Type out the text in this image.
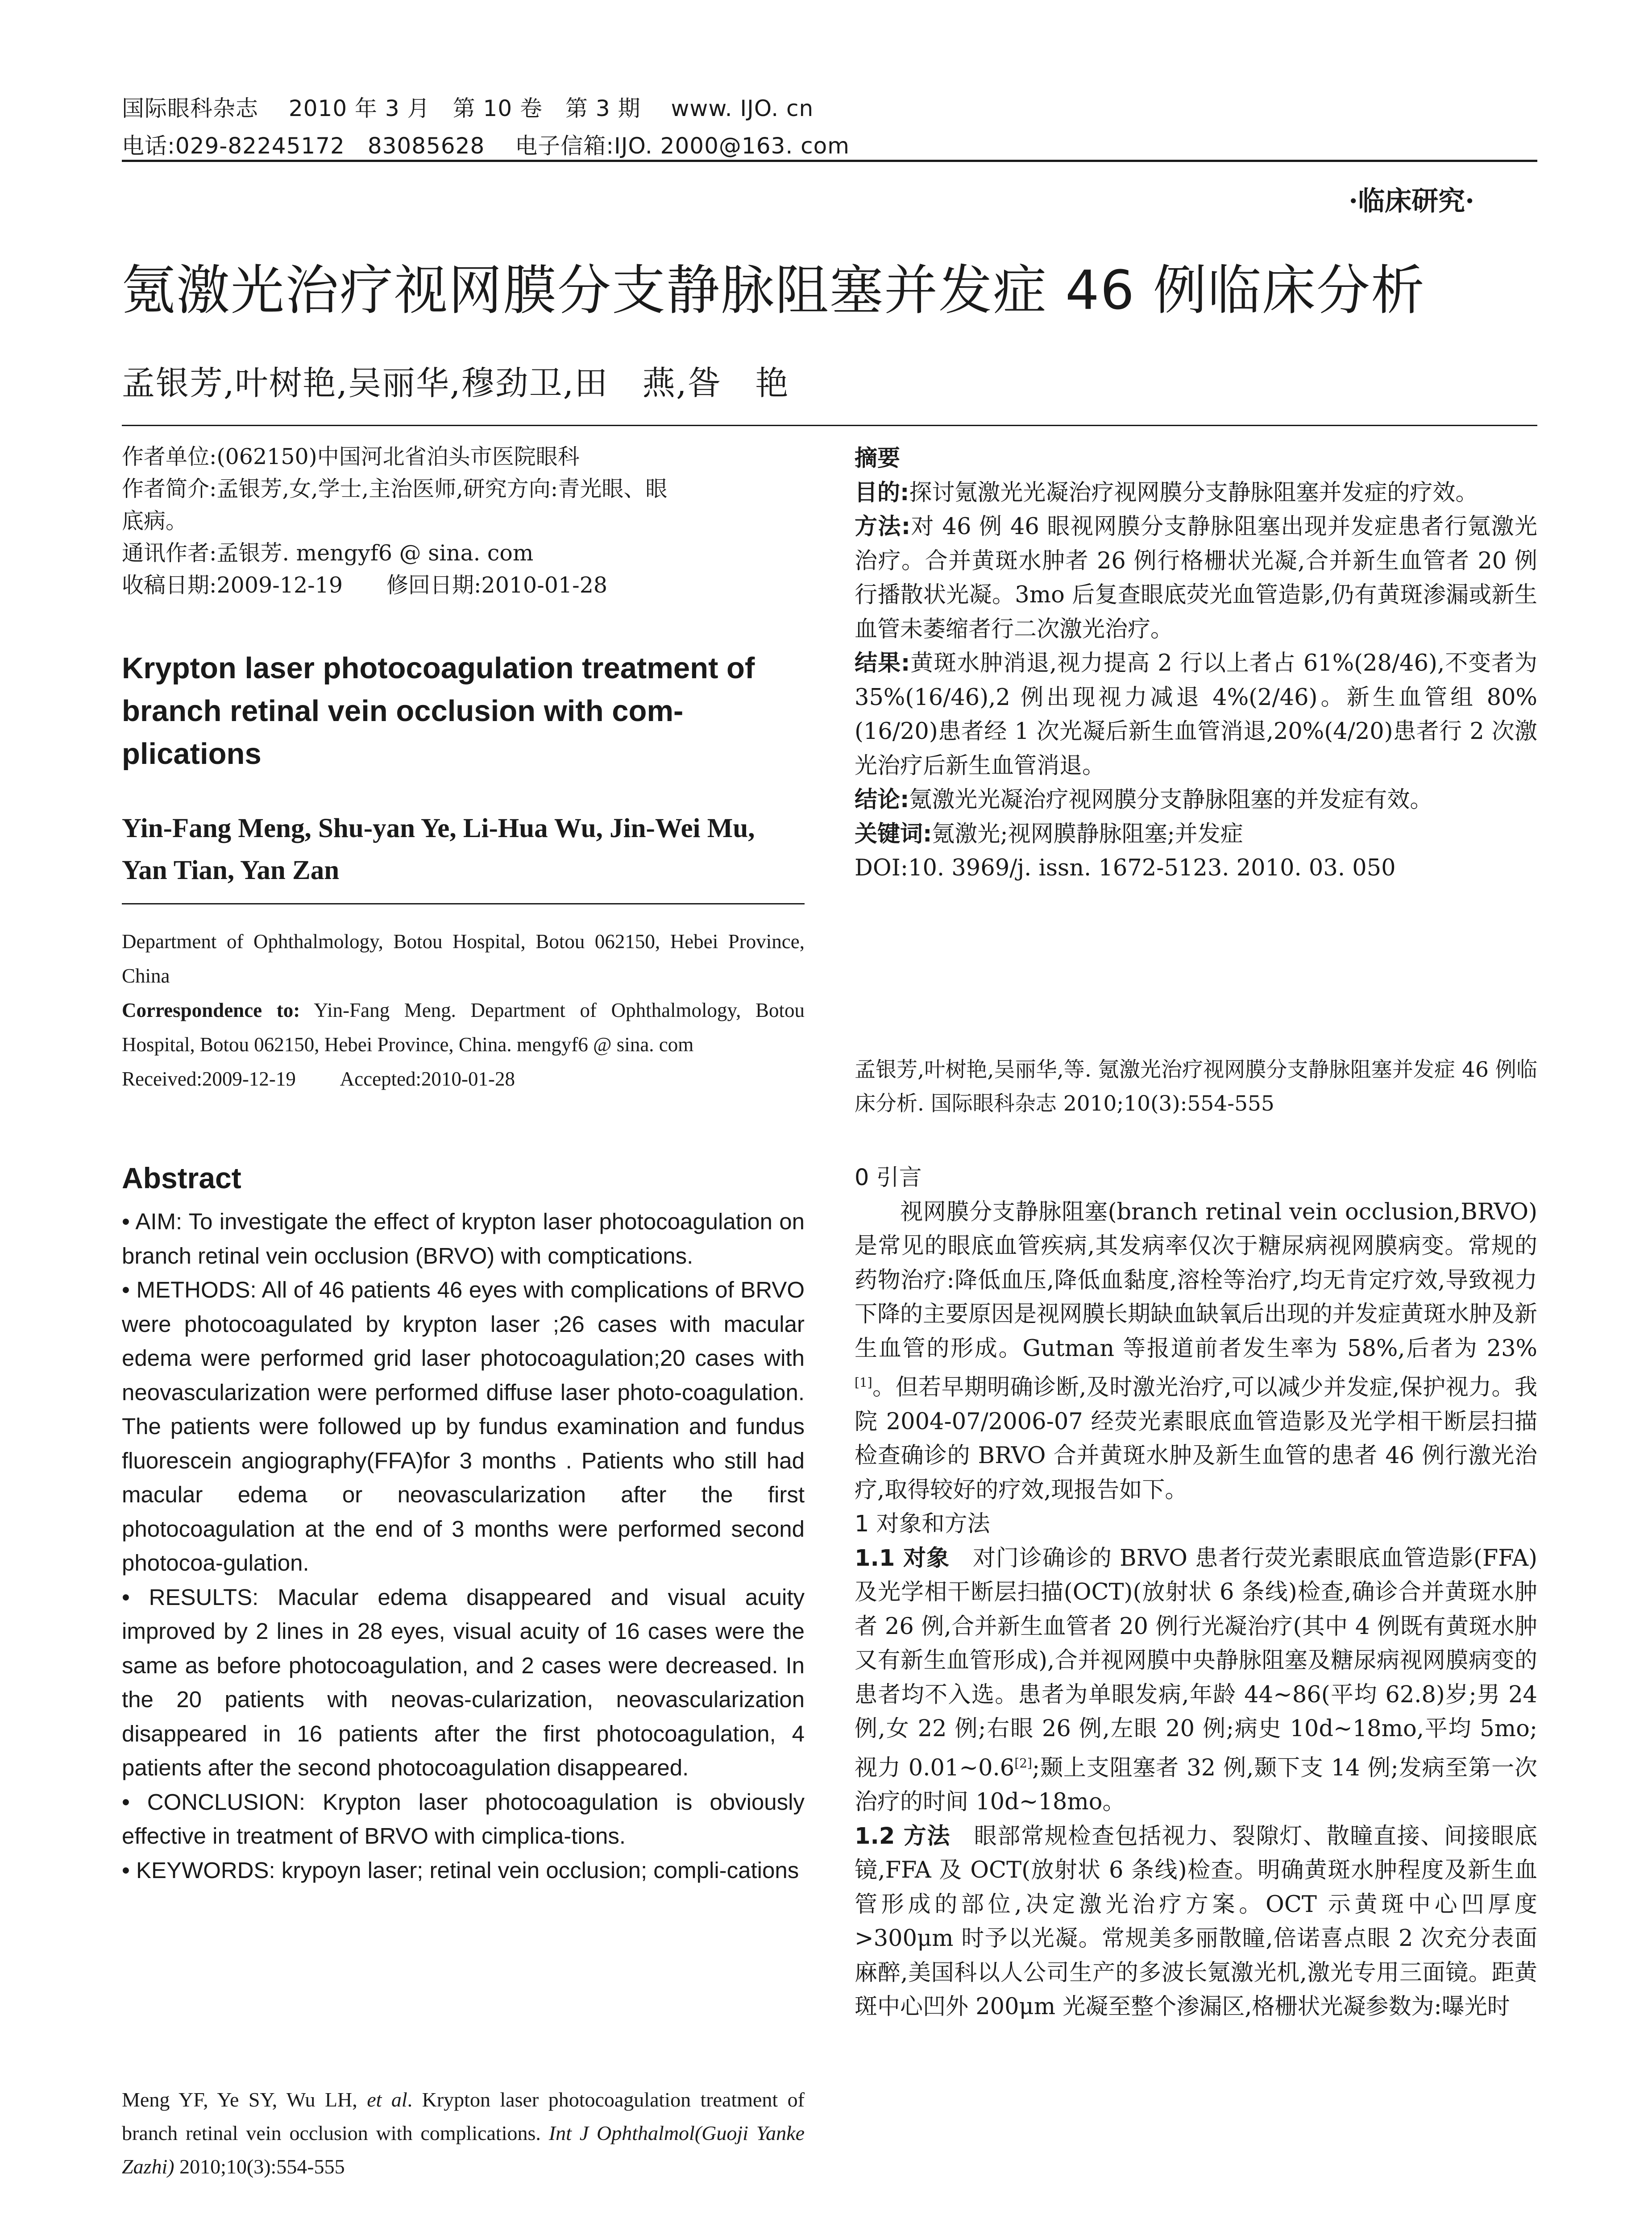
国际眼科杂志　 2010 年 3 月　第 10 卷　第 3 期　 www. IJO. cn
电话:029-82245172　83085628　 电子信箱:IJO. 2000@163. com
·临床研究·
氪激光治疗视网膜分支静脉阻塞并发症 46 例临床分析
孟银芳,叶树艳,吴丽华,穆劲卫,田　燕,昝　艳

作者单位:(062150)中国河北省泊头市医院眼科

作者简介:孟银芳,女,学士,主治医师,研究方向:青光眼、眼

底病。

通讯作者:孟银芳. mengyf6 @ sina. com

收稿日期:2009-12-19　　修回日期:2010-01-28

Krypton laser photocoagulation treatment of branch retinal vein occlusion with com-plications
Yin-Fang Meng, Shu-yan Ye, Li-Hua Wu, Jin-Wei Mu, Yan Tian, Yan Zan

Department of Ophthalmology, Botou Hospital, Botou 062150, Hebei Province, China

Correspondence to: Yin-Fang Meng. Department of Ophthalmology, Botou Hospital, Botou 062150, Hebei Province, China. mengyf6 @ sina. com

Received:2009-12-19　　 Accepted:2010-01-28

Abstract

• AIM: To investigate the effect of krypton laser photocoagulation on branch retinal vein occlusion (BRVO) with comptications.

• METHODS: All of 46 patients 46 eyes with complications of BRVO were photocoagulated by krypton laser ;26 cases with macular edema were performed grid laser photocoagulation;20 cases with neovascularization were performed diffuse laser photo-coagulation. The patients were followed up by fundus examination and fundus fluorescein angiography(FFA)for 3 months . Patients who still had macular edema or neovascularization after the first photocoagulation at the end of 3 months were performed second photocoa-gulation.

• RESULTS: Macular edema disappeared and visual acuity improved by 2 lines in 28 eyes, visual acuity of 16 cases were the same as before photocoagulation, and 2 cases were decreased. In the 20 patients with neovas-cularization, neovascularization disappeared in 16 patients after the first photocoagulation, 4 patients after the second photocoagulation disappeared.

• CONCLUSION: Krypton laser photocoagulation is obviously effective in treatment of BRVO with cimplica-tions.

• KEYWORDS: krypoyn laser; retinal vein occlusion; compli-cations

Meng YF, Ye SY, Wu LH, et al. Krypton laser photocoagulation treatment of branch retinal vein occlusion with complications. Int J Ophthalmol(Guoji Yanke Zazhi) 2010;10(3):554-555

摘要

目的:探讨氪激光光凝治疗视网膜分支静脉阻塞并发症的疗效。

方法:对 46 例 46 眼视网膜分支静脉阻塞出现并发症患者行氪激光治疗。合并黄斑水肿者 26 例行格栅状光凝,合并新生血管者 20 例行播散状光凝。3mo 后复查眼底荧光血管造影,仍有黄斑渗漏或新生血管未萎缩者行二次激光治疗。

结果:黄斑水肿消退,视力提高 2 行以上者占 61%(28/46),不变者为 35%(16/46),2 例出现视力减退 4%(2/46)。新生血管组 80%(16/20)患者经 1 次光凝后新生血管消退,20%(4/20)患者行 2 次激光治疗后新生血管消退。

结论:氪激光光凝治疗视网膜分支静脉阻塞的并发症有效。

关键词:氪激光;视网膜静脉阻塞;并发症

DOI:10. 3969/j. issn. 1672-5123. 2010. 03. 050

孟银芳,叶树艳,吴丽华,等. 氪激光治疗视网膜分支静脉阻塞并发症 46 例临床分析. 国际眼科杂志 2010;10(3):554-555

0 引言

视网膜分支静脉阻塞(branch retinal vein occlusion,BRVO)是常见的眼底血管疾病,其发病率仅次于糖尿病视网膜病变。常规的药物治疗:降低血压,降低血黏度,溶栓等治疗,均无肯定疗效,导致视力下降的主要原因是视网膜长期缺血缺氧后出现的并发症黄斑水肿及新生血管的形成。Gutman 等报道前者发生率为 58%,后者为 23%[1]。但若早期明确诊断,及时激光治疗,可以减少并发症,保护视力。我院 2004-07/2006-07 经荧光素眼底血管造影及光学相干断层扫描检查确诊的 BRVO 合并黄斑水肿及新生血管的患者 46 例行激光治疗,取得较好的疗效,现报告如下。

1 对象和方法

1.1 对象　对门诊确诊的 BRVO 患者行荧光素眼底血管造影(FFA)及光学相干断层扫描(OCT)(放射状 6 条线)检查,确诊合并黄斑水肿者 26 例,合并新生血管者 20 例行光凝治疗(其中 4 例既有黄斑水肿又有新生血管形成),合并视网膜中央静脉阻塞及糖尿病视网膜病变的患者均不入选。患者为单眼发病,年龄 44~86(平均 62.8)岁;男 24 例,女 22 例;右眼 26 例,左眼 20 例;病史 10d~18mo,平均 5mo;视力 0.01~0.6[2];颞上支阻塞者 32 例,颞下支 14 例;发病至第一次治疗的时间 10d~18mo。

1.2 方法　眼部常规检查包括视力、裂隙灯、散瞳直接、间接眼底镜,FFA 及 OCT(放射状 6 条线)检查。明确黄斑水肿程度及新生血管形成的部位,决定激光治疗方案。OCT 示黄斑中心凹厚度>300μm 时予以光凝。常规美多丽散瞳,倍诺喜点眼 2 次充分表面麻醉,美国科以人公司生产的多波长氪激光机,激光专用三面镜。距黄斑中心凹外 200μm 光凝至整个渗漏区,格栅状光凝参数为:曝光时
